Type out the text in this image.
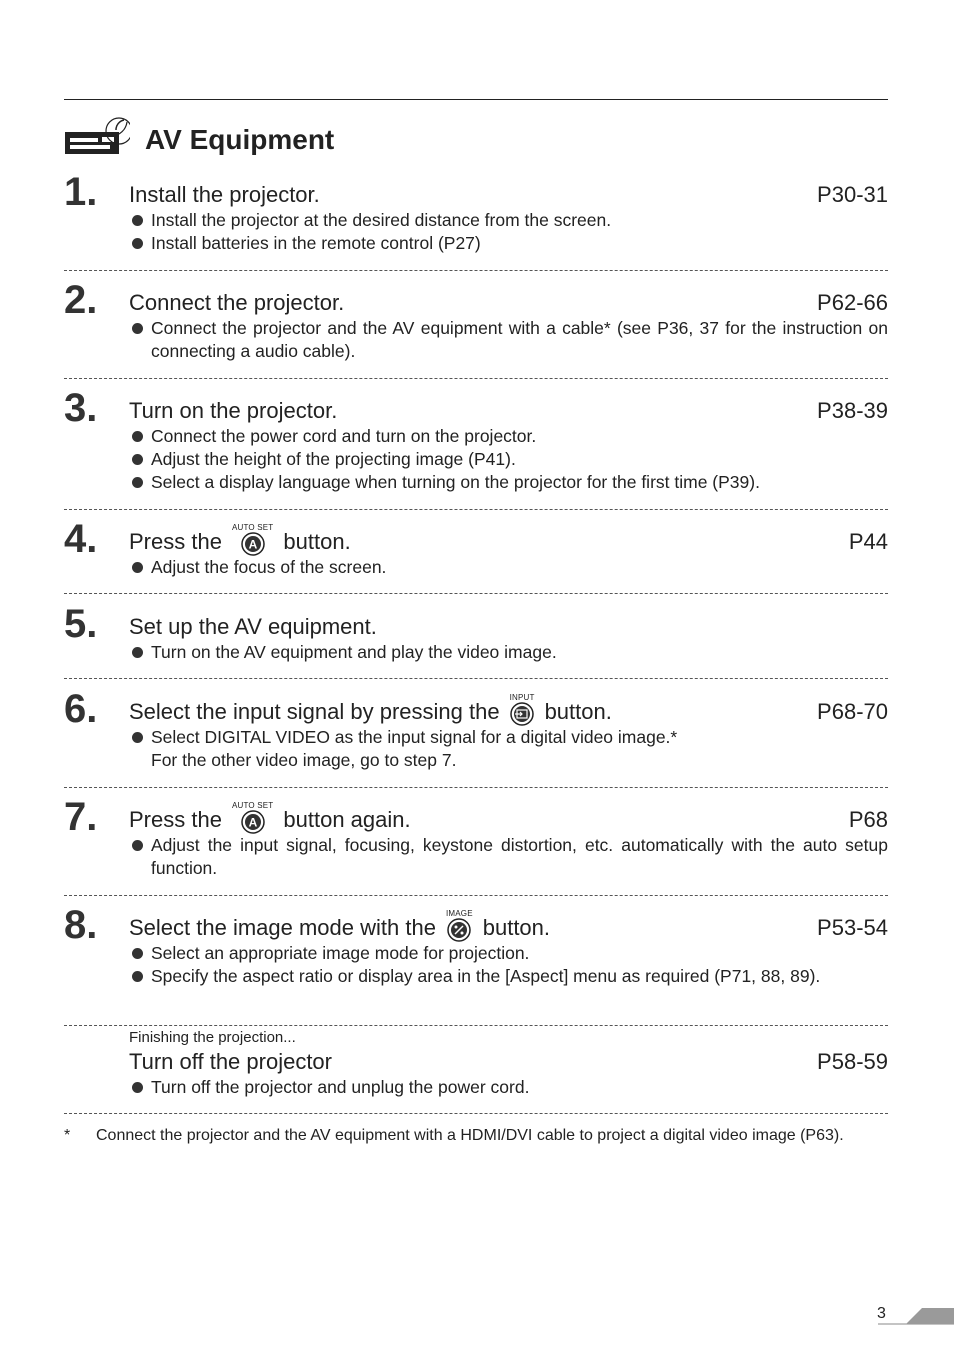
AV Equipment
1. Install the projector.	P30-31
Install the projector at the desired distance from the screen.
Install batteries in the remote control (P27)
2. Connect the projector.	P62-66
Connect the projector and the AV equipment with a cable* (see P36, 37 for the instruction on connecting a audio cable).
3. Turn on the projector.	P38-39
Connect the power cord and turn on the projector.
Adjust the height of the projecting image (P41).
Select a display language when turning on the projector for the first time (P39).
4. Press the
AUTO SET
A button.	P44
Adjust the focus of the screen.
5. Set up the AV equipment.
Turn on the AV equipment and play the video image.
6. Select the input signal by pressing the
INPUT
button.	P68-70
Select DIGITAL VIDEO as the input signal for a digital video image.*
For the other video image, go to step 7.
7. Press the
AUTO SET
A button again.	P68
Adjust the input signal, focusing, keystone distortion, etc. automatically with the auto setup function.
8. Select the image mode with the
IMAGE
button.	P53-54
Select an appropriate image mode for projection.
Specify the aspect ratio or display area in the [Aspect] menu as required (P71, 88, 89).
Finishing the projection...
Turn off the projector	P58-59
Turn off the projector and unplug the power cord.
* Connect the projector and the AV equipment with a HDMI/DVI cable to project a digital video image (P63).
3
